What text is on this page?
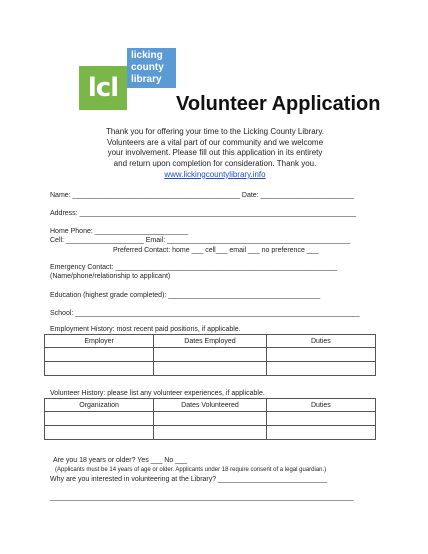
licking
county
library
lcl
Volunteer Application
Thank you for offering your time to the Licking County Library.
Volunteers are a vital part of our community and we welcome
your involvement. Please fill out this application in its entirety
and return upon completion for consideration. Thank you.
www.lickingcountylibrary.info
Name: ___________________________________________ Date: ________________________
Address: _______________________________________________________________________
Home Phone: ________________________
Cell: ____________________ Email: _______________________________________________
Preferred Contact: home ___ cell___ email ___ no preference ___
Emergency Contact: _________________________________________________________
(Name/phone/relationship to applicant)
Education (highest grade completed): _______________________________________
School: _________________________________________________________________________
Employment History: most recent paid positions, if applicable.
Employer	Dates Employed	Duties

Volunteer History: please list any volunteer experiences, if applicable.
Organization	Dates Volunteered	Duties

Are you 18 years or older? Yes ___ No ___
(Applicants must be 14 years of age or older. Applicants under 18 require consent of a legal guardian.)
Why are you interested in volunteering at the Library? ____________________________
______________________________________________________________________________
